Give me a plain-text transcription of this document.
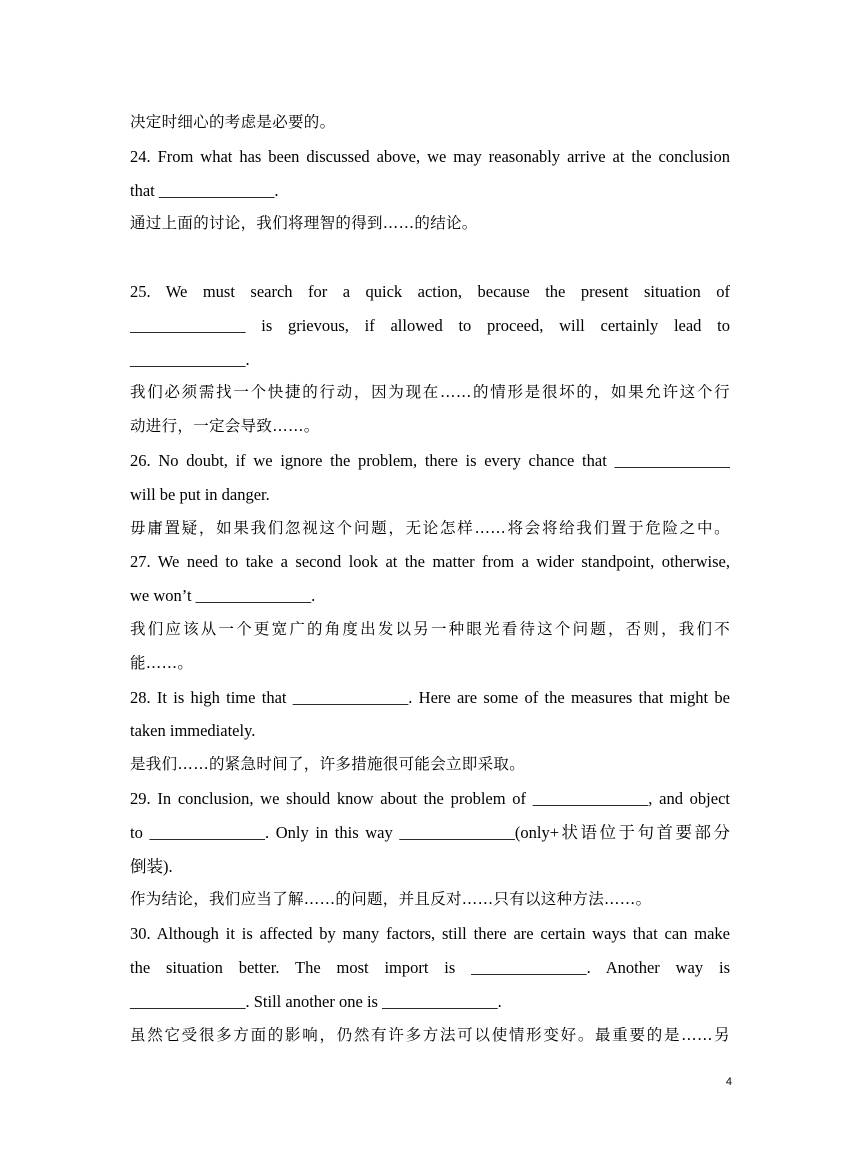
决定时细心的考虑是必要的。
24. From what has been discussed above, we may reasonably arrive at the conclusion
that ______________.
通过上面的讨论，我们将理智的得到……的结论。
25. We must search for a quick action, because the present situation of
______________ is grievous, if allowed to proceed, will certainly lead to
______________.
我们必须需找一个快捷的行动，因为现在……的情形是很坏的，如果允许这个行
动进行，一定会导致……。
26. No doubt, if we ignore the problem, there is every chance that ______________
will be put in danger.
毋庸置疑，如果我们忽视这个问题，无论怎样……将会将给我们置于危险之中。
27. We need to take a second look at the matter from a wider standpoint, otherwise,
we won’t ______________.
我们应该从一个更宽广的角度出发以另一种眼光看待这个问题，否则，我们不
能……。
28. It is high time that ______________. Here are some of the measures that might be
taken immediately.
是我们……的紧急时间了，许多措施很可能会立即采取。
29. In conclusion, we should know about the problem of ______________, and object
to ______________. Only in this way ______________(only+状语位于句首要部分
倒装).
作为结论，我们应当了解……的问题，并且反对……只有以这种方法……。
30. Although it is affected by many factors, still there are certain ways that can make
the situation better. The most import is ______________. Another way is
______________. Still another one is ______________.
虽然它受很多方面的影响，仍然有许多方法可以使情形变好。最重要的是……另
4
